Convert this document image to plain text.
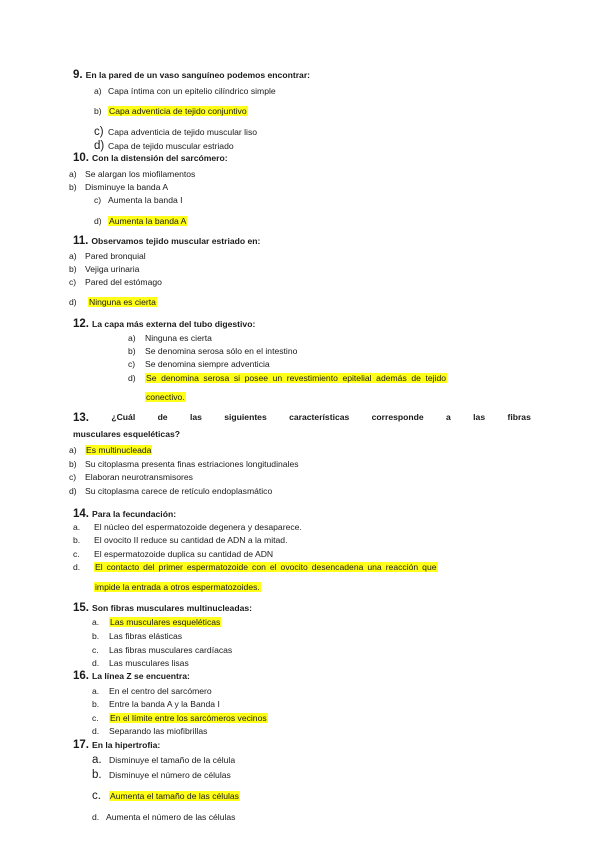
9. En la pared de un vaso sanguíneo podemos encontrar:
a) Capa íntima con un epitelio cilíndrico simple
b) Capa adventicia de tejido conjuntivo
c) Capa adventicia de tejido muscular liso
d) Capa de tejido muscular estriado
10. Con la distensión del sarcómero:
a) Se alargan los miofilamentos
b) Disminuye la banda A
c) Aumenta la banda I
d) Aumenta la banda A
11. Observamos tejido muscular estriado en:
a) Pared bronquial
b) Vejiga urinaria
c) Pared del estómago
d) Ninguna es cierta
12. La capa más externa del tubo digestivo:
a) Ninguna es cierta
b) Se denomina serosa sólo en el intestino
c) Se denomina siempre adventicia
d) Se denomina serosa si posee un revestimiento epitelial además de tejido
conectivo.
13.	¿Cuál	de	las	siguientes	características	corresponde	a	las	fibras
musculares esqueléticas?
a) Es multinucleada
b) Su citoplasma presenta finas estriaciones longitudinales
c) Elaboran neurotransmisores
d) Su citoplasma carece de retículo endoplasmático
14. Para la fecundación:
a. El núcleo del espermatozoide degenera y desaparece.
b. El ovocito II reduce su cantidad de ADN a la mitad.
c. El espermatozoide duplica su cantidad de ADN
d. El contacto del primer espermatozoide con el ovocito desencadena una reacción que
impide la entrada a otros espermatozoides.
15. Son fibras musculares multinucleadas:
a. Las musculares esqueléticas
b. Las fibras elásticas
c. Las fibras musculares cardíacas
d. Las musculares lisas
16. La línea Z se encuentra:
a. En el centro del sarcómero
b. Entre la banda A y la Banda I
c. En el límite entre los sarcómeros vecinos
d. Separando las miofibrillas
17. En la hipertrofia:
a. Disminuye el tamaño de la célula
b. Disminuye el número de células
c. Aumenta el tamaño de las células
d. Aumenta el número de las células
